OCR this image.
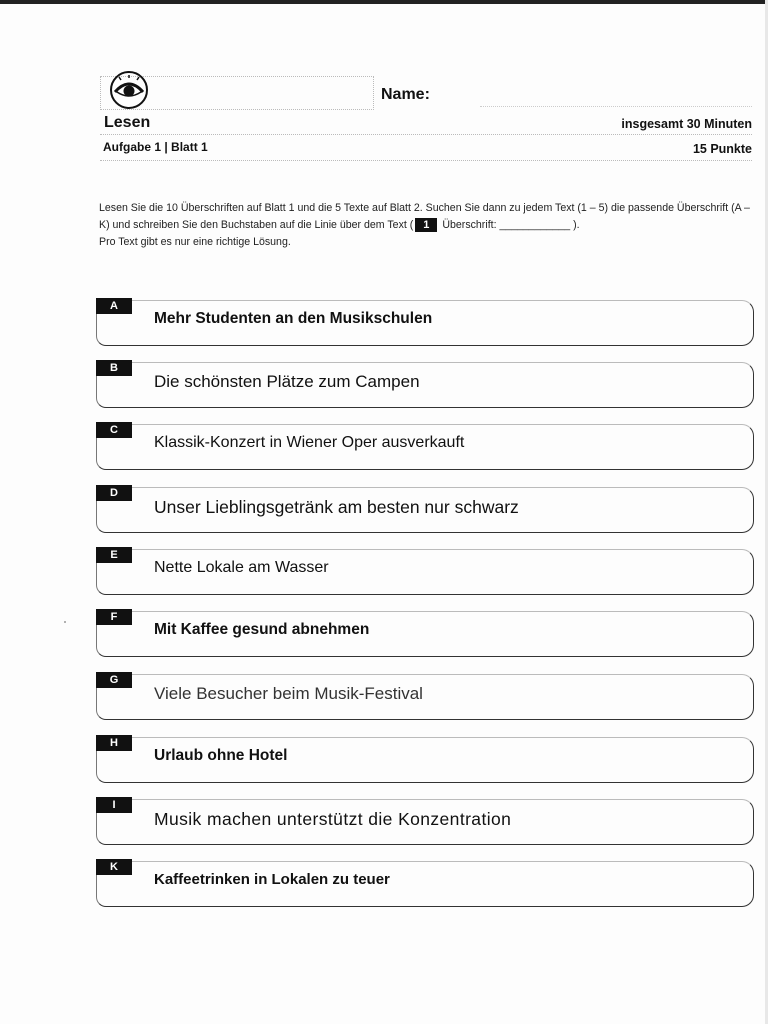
Name:
Lesen	insgesamt 30 Minuten
Aufgabe 1 | Blatt 1	15 Punkte
Lesen Sie die 10 Überschriften auf Blatt 1 und die 5 Texte auf Blatt 2. Suchen Sie dann zu jedem Text (1 – 5) die passende Überschrift (A – K) und schreiben Sie den Buchstaben auf die Linie über dem Text ( 1 Überschrift: ____________ ).
Pro Text gibt es nur eine richtige Lösung.
A
Mehr Studenten an den Musikschulen
B
Die schönsten Plätze zum Campen
C
Klassik-Konzert in Wiener Oper ausverkauft
D
Unser Lieblingsgetränk am besten nur schwarz
E
Nette Lokale am Wasser
F
Mit Kaffee gesund abnehmen
G
Viele Besucher beim Musik-Festival
H
Urlaub ohne Hotel
I
Musik machen unterstützt die Konzentration
K
Kaffeetrinken in Lokalen zu teuer
